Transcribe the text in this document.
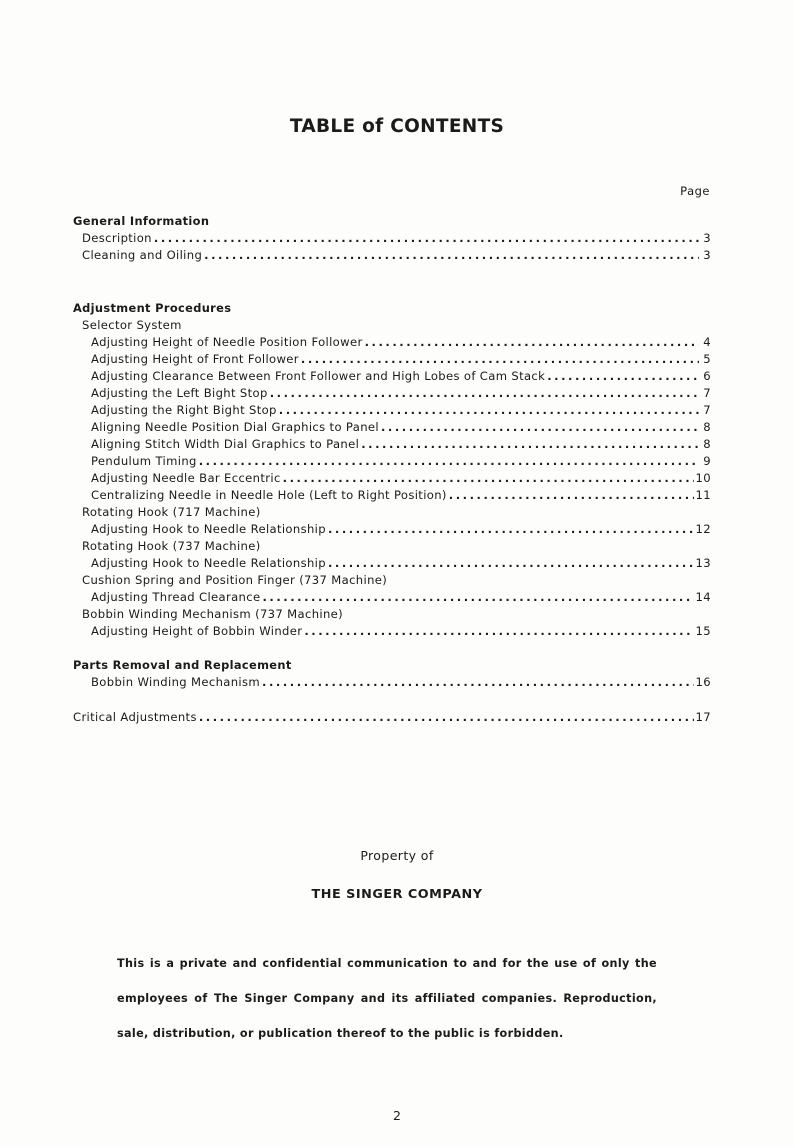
TABLE of CONTENTS
Page
General Information
Description . . .	3
Cleaning and Oiling . . .	3
Adjustment Procedures
Selector System
Adjusting Height of Needle Position Follower . . .	4
Adjusting Height of Front Follower . . .	5
Adjusting Clearance Between Front Follower and High Lobes of Cam Stack . . .	6
Adjusting the Left Bight Stop . . .	7
Adjusting the Right Bight Stop . . .	7
Aligning Needle Position Dial Graphics to Panel . . .	8
Aligning Stitch Width Dial Graphics to Panel . . .	8
Pendulum Timing . . .	9
Adjusting Needle Bar Eccentric . . .	10
Centralizing Needle in Needle Hole (Left to Right Position) . . .	11
Rotating Hook (717 Machine)
Adjusting Hook to Needle Relationship . . .	12
Rotating Hook (737 Machine)
Adjusting Hook to Needle Relationship . . .	13
Cushion Spring and Position Finger (737 Machine)
Adjusting Thread Clearance . . .	14
Bobbin Winding Mechanism (737 Machine)
Adjusting Height of Bobbin Winder . . .	15
Parts Removal and Replacement
Bobbin Winding Mechanism . . .	16
Critical Adjustments . . .	17
Property of
THE SINGER COMPANY
This is a private and confidential communication to and for the use of only the employees of The Singer Company and its affiliated companies. Reproduction, sale, distribution, or publication thereof to the public is forbidden.
2
